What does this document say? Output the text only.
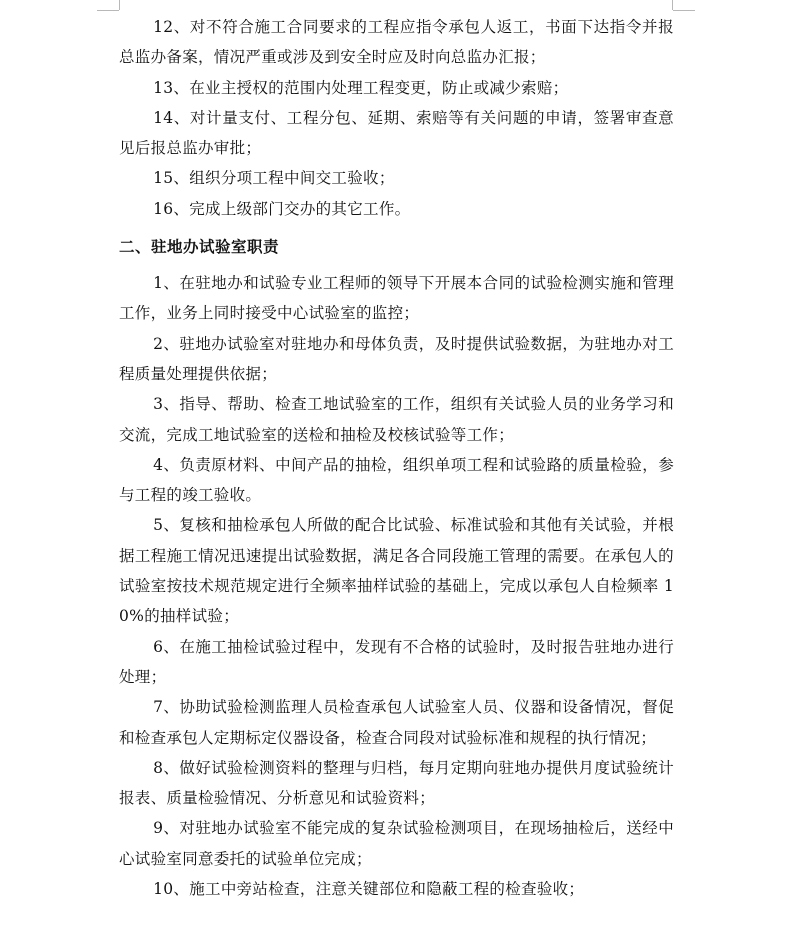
12、对不符合施工合同要求的工程应指令承包人返工，书面下达指令并报总监办备案，情况严重或涉及到安全时应及时向总监办汇报；

13、在业主授权的范围内处理工程变更，防止或减少索赔；

14、对计量支付、工程分包、延期、索赔等有关问题的申请，签署审查意见后报总监办审批；

15、组织分项工程中间交工验收；

16、完成上级部门交办的其它工作。

二、驻地办试验室职责

1、在驻地办和试验专业工程师的领导下开展本合同的试验检测实施和管理工作，业务上同时接受中心试验室的监控；

2、驻地办试验室对驻地办和母体负责，及时提供试验数据，为驻地办对工程质量处理提供依据；

3、指导、帮助、检查工地试验室的工作，组织有关试验人员的业务学习和交流，完成工地试验室的送检和抽检及校核试验等工作；

4、负责原材料、中间产品的抽检，组织单项工程和试验路的质量检验，参与工程的竣工验收。

5、复核和抽检承包人所做的配合比试验、标准试验和其他有关试验，并根据工程施工情况迅速提出试验数据，满足各合同段施工管理的需要。在承包人的试验室按技术规范规定进行全频率抽样试验的基础上，完成以承包人自检频率 10%的抽样试验；

6、在施工抽检试验过程中，发现有不合格的试验时，及时报告驻地办进行处理；

7、协助试验检测监理人员检查承包人试验室人员、仪器和设备情况，督促和检查承包人定期标定仪器设备，检查合同段对试验标准和规程的执行情况；

8、做好试验检测资料的整理与归档，每月定期向驻地办提供月度试验统计报表、质量检验情况、分析意见和试验资料；

9、对驻地办试验室不能完成的复杂试验检测项目，在现场抽检后，送经中心试验室同意委托的试验单位完成；

10、施工中旁站检查，注意关键部位和隐蔽工程的检查验收；
